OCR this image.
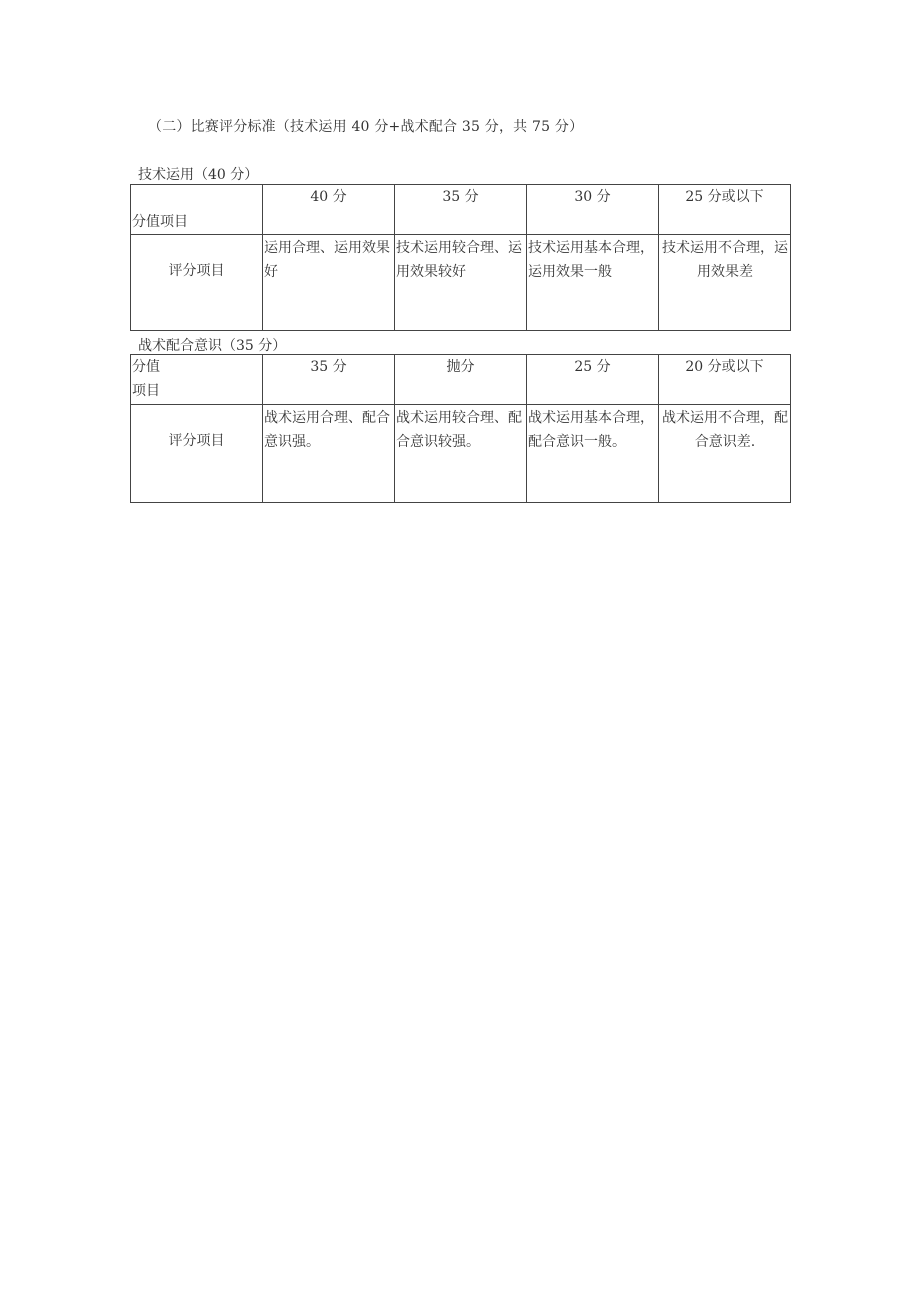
（二）比赛评分标准（技术运用 40 分+战术配合 35 分，共 75 分）
技术运用（40 分）
分值项目	40 分	35 分	30 分	25 分或以下
评分项目	运用合理、运用效果好	技术运用较合理、运用效果较好	技术运用基本合理，运用效果一般	技术运用不合理，运用效果差
战术配合意识（35 分）
分值
项目	35 分	抛分	25 分	20 分或以下
评分项目	战术运用合理、配合意识强。	战术运用较合理、配合意识较强。	战术运用基本合理，配合意识一般。	战术运用不合理，配合意识差.
